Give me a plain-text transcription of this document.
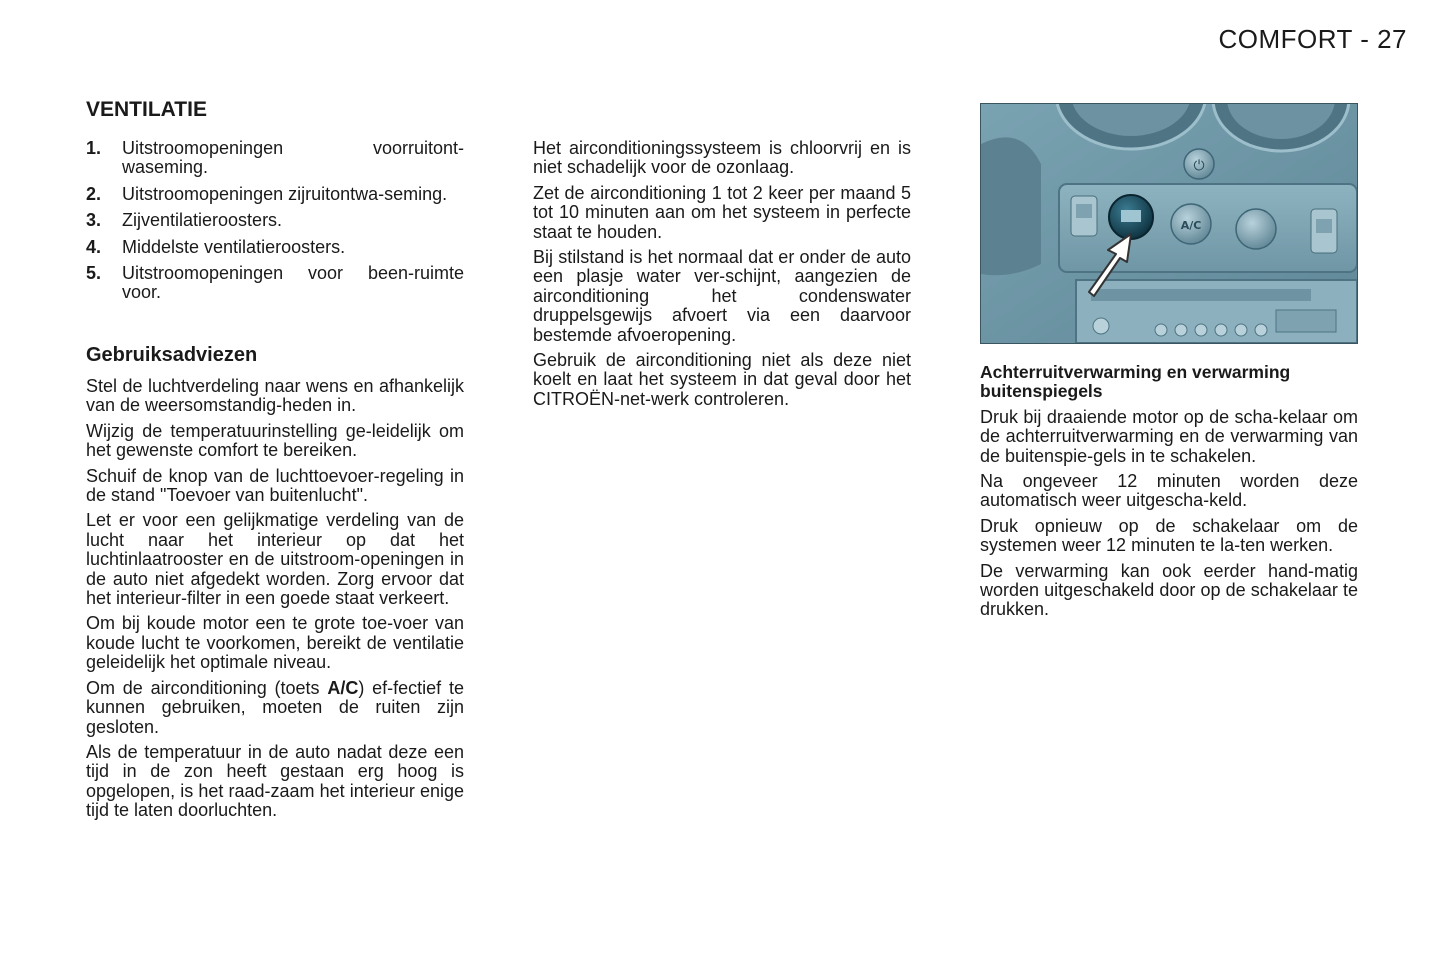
COMFORT - 27
VENTILATIE
1.	Uitstroomopeningen voorruitont-waseming.
2.	Uitstroomopeningen zijruitontwa-seming.
3.	Zijventilatieroosters.
4.	Middelste ventilatieroosters.
5.	Uitstroomopeningen voor been-ruimte voor.
Gebruiksadviezen

Stel de luchtverdeling naar wens en afhankelijk van de weersomstandig-heden in.

Wijzig de temperatuurinstelling ge-leidelijk om het gewenste comfort te bereiken.

Schuif de knop van de luchttoevoer-regeling in de stand "Toevoer van buitenlucht".

Let er voor een gelijkmatige verdeling van de lucht naar het interieur op dat het luchtinlaatrooster en de uitstroom-openingen in de auto niet afgedekt worden. Zorg ervoor dat het interieur-filter in een goede staat verkeert.

Om bij koude motor een te grote toe-voer van koude lucht te voorkomen, bereikt de ventilatie geleidelijk het optimale niveau.

Om de airconditioning (toets A/C) ef-fectief te kunnen gebruiken, moeten de ruiten zijn gesloten.

Als de temperatuur in de auto nadat deze een tijd in de zon heeft gestaan erg hoog is opgelopen, is het raad-zaam het interieur enige tijd te laten doorluchten.

Het airconditioningssysteem is chloorvrij en is niet schadelijk voor de ozonlaag.

Zet de airconditioning 1 tot 2 keer per maand 5 tot 10 minuten aan om het systeem in perfecte staat te houden.

Bij stilstand is het normaal dat er onder de auto een plasje water ver-schijnt, aangezien de airconditioning het condenswater druppelsgewijs afvoert via een daarvoor bestemde afvoeropening.

Gebruik de airconditioning niet als deze niet koelt en laat het systeem in dat geval door het CITROËN-net-werk controleren.

⏻
A/C

Achterruitverwarming en verwarming buitenspiegels

Druk bij draaiende motor op de scha-kelaar om de achterruitverwarming en de verwarming van de buitenspie-gels in te schakelen.

Na ongeveer 12 minuten worden deze automatisch weer uitgescha-keld.

Druk opnieuw op de schakelaar om de systemen weer 12 minuten te la-ten werken.

De verwarming kan ook eerder hand-matig worden uitgeschakeld door op de schakelaar te drukken.
